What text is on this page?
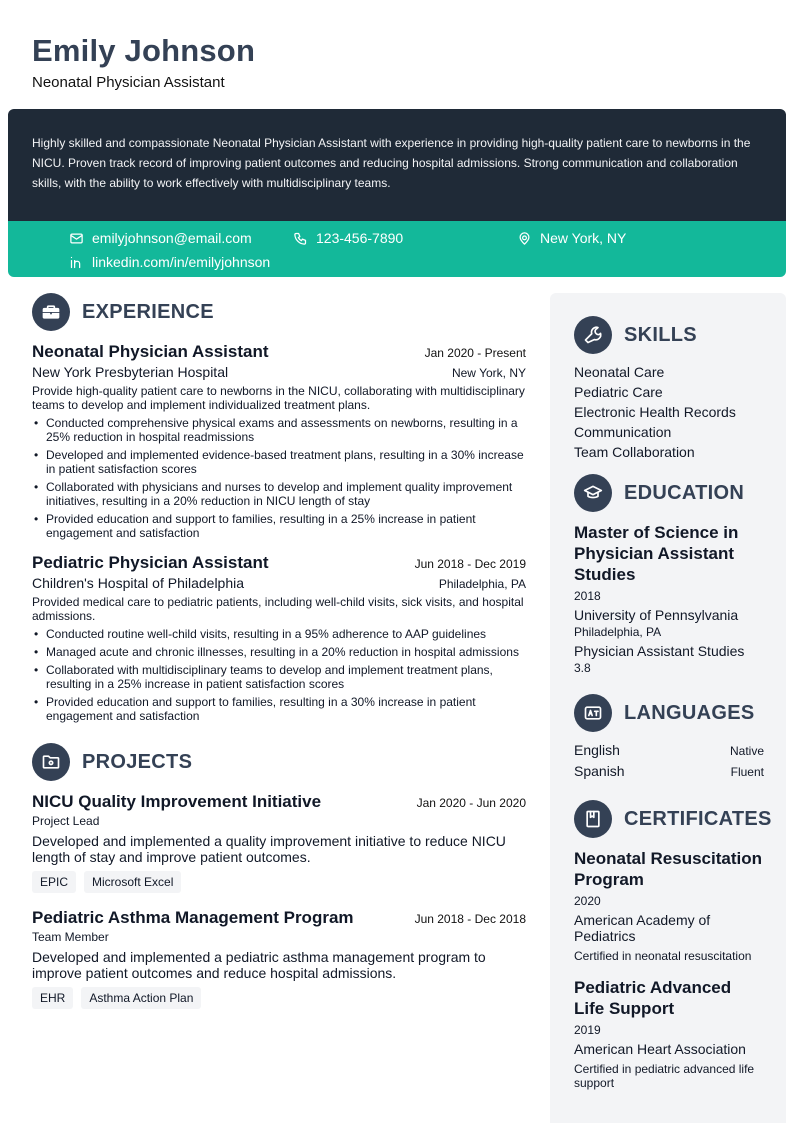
Emily Johnson
Neonatal Physician Assistant

Highly skilled and compassionate Neonatal Physician Assistant with experience in providing high-quality patient care to newborns in the NICU. Proven track record of improving patient outcomes and reducing hospital admissions. Strong communication and collaboration skills, with the ability to work effectively with multidisciplinary teams.

emilyjohnson@email.com	123-456-7890	New York, NY
linkedin.com/in/emilyjohnson
EXPERIENCE
Neonatal Physician Assistant	Jan 2020 - Present
New York Presbyterian Hospital	New York, NY
Provide high-quality patient care to newborns in the NICU, collaborating with multidisciplinary teams to develop and implement individualized treatment plans.
• Conducted comprehensive physical exams and assessments on newborns, resulting in a 25% reduction in hospital readmissions
• Developed and implemented evidence-based treatment plans, resulting in a 30% increase in patient satisfaction scores
• Collaborated with physicians and nurses to develop and implement quality improvement initiatives, resulting in a 20% reduction in NICU length of stay
• Provided education and support to families, resulting in a 25% increase in patient engagement and satisfaction
Pediatric Physician Assistant	Jun 2018 - Dec 2019
Children's Hospital of Philadelphia	Philadelphia, PA
Provided medical care to pediatric patients, including well-child visits, sick visits, and hospital admissions.
• Conducted routine well-child visits, resulting in a 95% adherence to AAP guidelines
• Managed acute and chronic illnesses, resulting in a 20% reduction in hospital admissions
• Collaborated with multidisciplinary teams to develop and implement treatment plans, resulting in a 25% increase in patient satisfaction scores
• Provided education and support to families, resulting in a 30% increase in patient engagement and satisfaction
PROJECTS
NICU Quality Improvement Initiative	Jan 2020 - Jun 2020
Project Lead
Developed and implemented a quality improvement initiative to reduce NICU length of stay and improve patient outcomes.
EPIC	Microsoft Excel
Pediatric Asthma Management Program	Jun 2018 - Dec 2018
Team Member
Developed and implemented a pediatric asthma management program to improve patient outcomes and reduce hospital admissions.
EHR	Asthma Action Plan
SKILLS
Neonatal Care
Pediatric Care
Electronic Health Records
Communication
Team Collaboration
EDUCATION
Master of Science in Physician Assistant Studies
2018
University of Pennsylvania
Philadelphia, PA
Physician Assistant Studies
3.8
LANGUAGES
English	Native
Spanish	Fluent
CERTIFICATES
Neonatal Resuscitation Program
2020
American Academy of Pediatrics
Certified in neonatal resuscitation
Pediatric Advanced Life Support
2019
American Heart Association
Certified in pediatric advanced life support
